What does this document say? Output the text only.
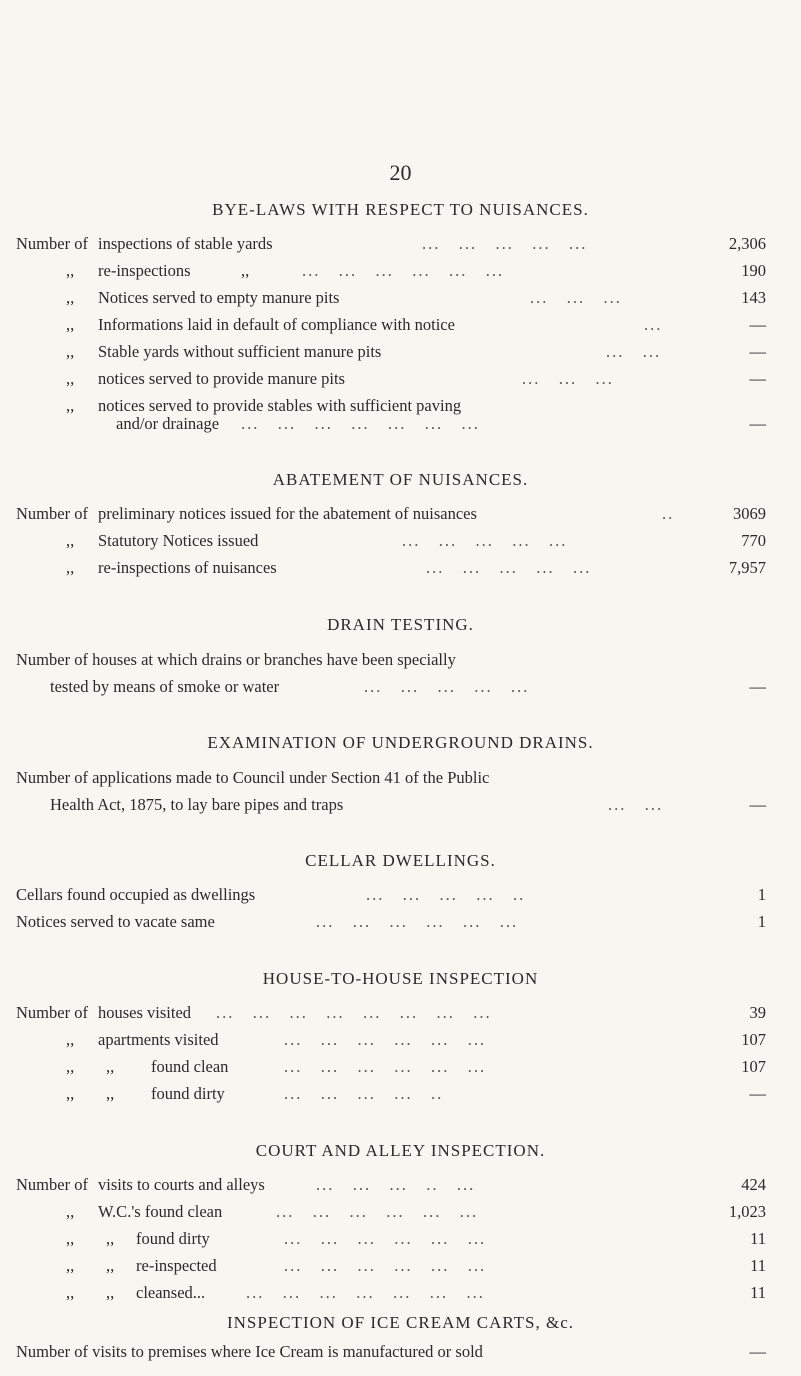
20
BYE-LAWS WITH RESPECT TO NUISANCES.
Number of inspections of stable yards	...   ...   ...   ...   ...	2,306
,, re-inspections	,,	...   ...   ...   ...   ...   ...	190
,, Notices served to empty manure pits	...   ...   ...	143
,, Informations laid in default of compliance with notice	...	—
,, Stable yards without sufficient manure pits	...   ...	—
,, notices served to provide manure pits	...   ...   ...	—
,, notices served to provide stables with sufficient paving
and/or drainage ...   ...   ...   ...   ...   ...   ...	—
ABATEMENT OF NUISANCES.
Number of preliminary notices issued for the abatement of nuisances	..	3069
,, Statutory Notices issued	...   ...   ...   ...   ...	770
,, re-inspections of nuisances	...   ...   ...   ...   ...	7,957
DRAIN TESTING.
Number of houses at which drains or branches have been specially
tested by means of smoke or water	...   ...   ...   ...   ...	—
EXAMINATION OF UNDERGROUND DRAINS.
Number of applications made to Council under Section 41 of the Public
Health Act, 1875, to lay bare pipes and traps	...   ...	—
CELLAR DWELLINGS.
Cellars found occupied as dwellings	...   ...   ...   ...   ..	1
Notices served to vacate same	...   ...   ...   ...   ...   ...	1
HOUSE-TO-HOUSE INSPECTION
Number of houses visited ...   ...   ...   ...   ...   ...   ...   ...	39
,, apartments visited	...   ...   ...   ...   ...   ...	107
,, ,, found clean	...   ...   ...   ...   ...   ...	107
,, ,, found dirty	...   ...   ...   ...   ..	—
COURT AND ALLEY INSPECTION.
Number of visits to courts and alleys	...   ...   ...   ..   ...	424
,, W.C.'s found clean	...   ...   ...   ...   ...   ...	1,023
,, ,, found dirty	...   ...   ...   ...   ...   ...	11
,, ,, re-inspected	...   ...   ...   ...   ...   ...	11
,, ,, cleansed... ...   ...   ...   ...   ...   ...   ...	11
INSPECTION OF ICE CREAM CARTS, &c.
Number of visits to premises where Ice Cream is manufactured or sold	—
